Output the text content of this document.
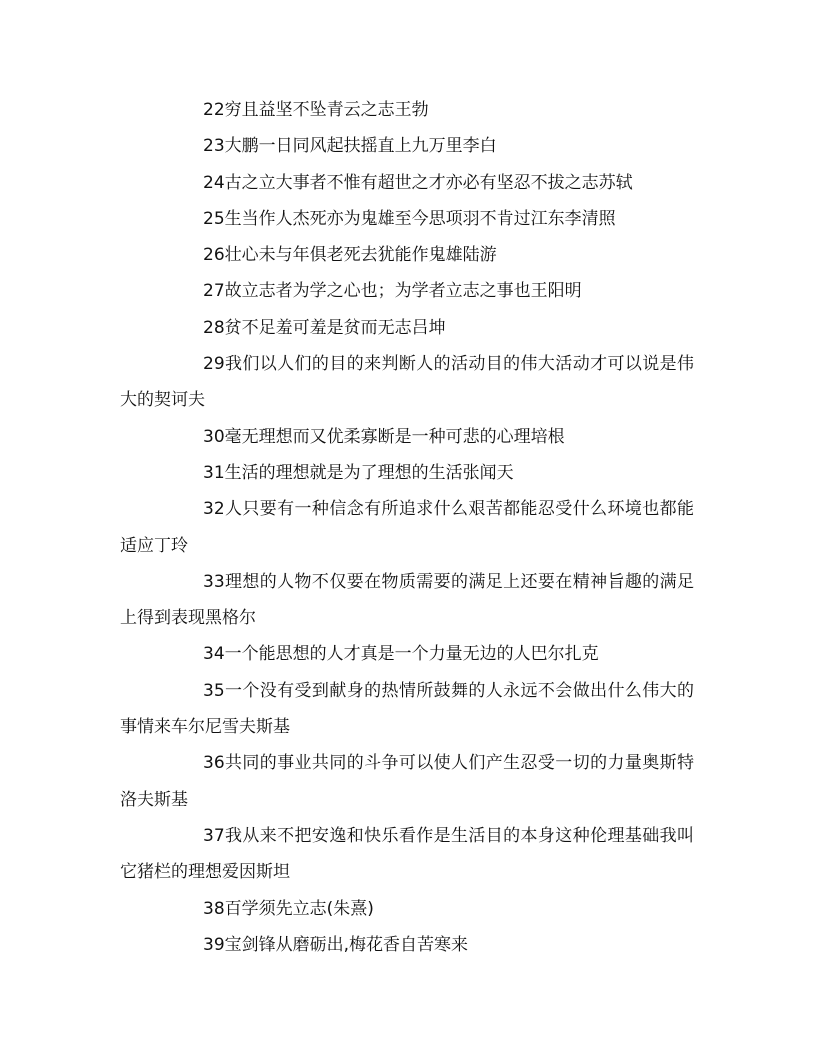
22穷且益坚不坠青云之志王勃

23大鹏一日同风起扶摇直上九万里李白

24古之立大事者不惟有超世之才亦必有坚忍不拔之志苏轼

25生当作人杰死亦为鬼雄至今思项羽不肯过江东李清照

26壮心未与年俱老死去犹能作鬼雄陆游

27故立志者为学之心也；为学者立志之事也王阳明

28贫不足羞可羞是贫而无志吕坤

29我们以人们的目的来判断人的活动目的伟大活动才可以说是伟大的契诃夫

30毫无理想而又优柔寡断是一种可悲的心理培根

31生活的理想就是为了理想的生活张闻天

32人只要有一种信念有所追求什么艰苦都能忍受什么环境也都能适应丁玲

33理想的人物不仅要在物质需要的满足上还要在精神旨趣的满足上得到表现黑格尔

34一个能思想的人才真是一个力量无边的人巴尔扎克

35一个没有受到献身的热情所鼓舞的人永远不会做出什么伟大的事情来车尔尼雪夫斯基

36共同的事业共同的斗争可以使人们产生忍受一切的力量奥斯特洛夫斯基

37我从来不把安逸和快乐看作是生活目的本身这种伦理基础我叫它猪栏的理想爱因斯坦

38百学须先立志(朱熹)

39宝剑锋从磨砺出,梅花香自苦寒来
